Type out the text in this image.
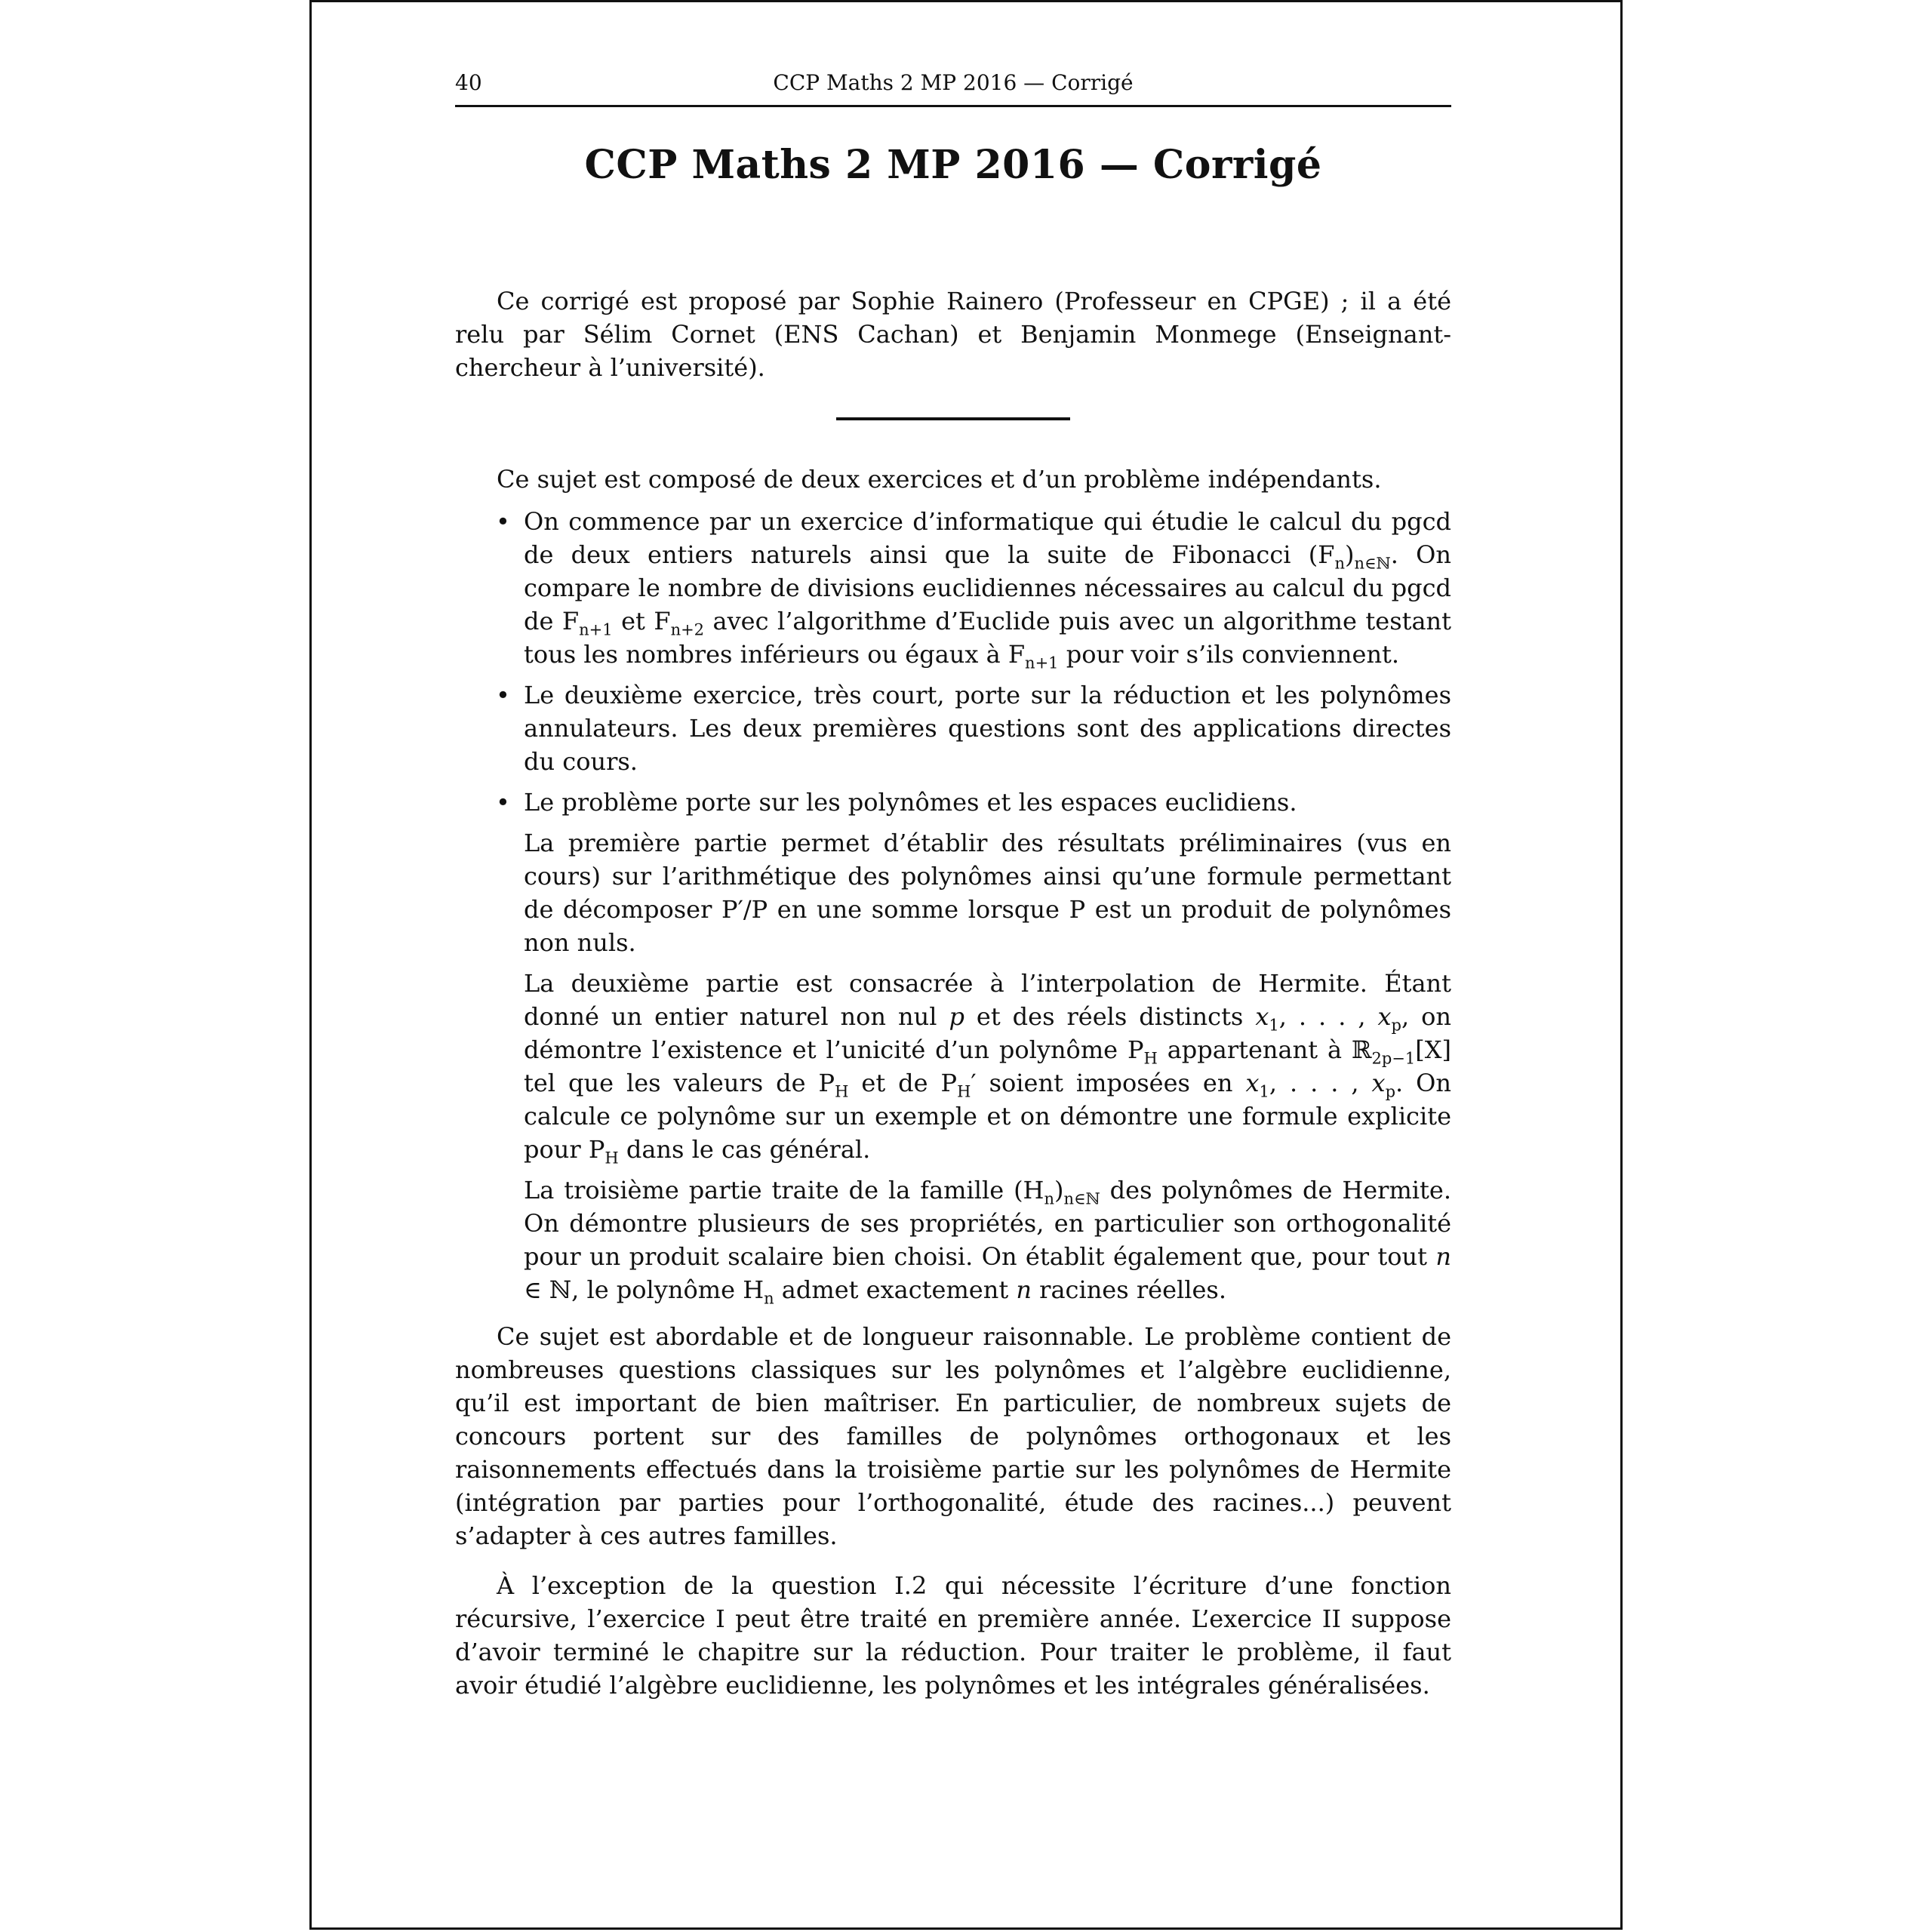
40	CCP Maths 2 MP 2016 — Corrigé
CCP Maths 2 MP 2016 — Corrigé

Ce corrigé est proposé par Sophie Rainero (Professeur en CPGE) ; il a été relu par Sélim Cornet (ENS Cachan) et Benjamin Monmege (Enseignant-chercheur à l’université).

Ce sujet est composé de deux exercices et d’un problème indépendants.

• On commence par un exercice d’informatique qui étudie le calcul du pgcd de deux entiers naturels ainsi que la suite de Fibonacci $(F_n)_{n\in ℕ}$. On compare le nombre de divisions euclidiennes nécessaires au calcul du pgcd de $F_{n+1}$ et $F_{n+2}$ avec l’algorithme d’Euclide puis avec un algorithme testant tous les nombres inférieurs ou égaux à $F_{n+1}$ pour voir s’ils conviennent.

• Le deuxième exercice, très court, porte sur la réduction et les polynômes annulateurs. Les deux premières questions sont des applications directes du cours.

• Le problème porte sur les polynômes et les espaces euclidiens.

La première partie permet d’établir des résultats préliminaires (vus en cours) sur l’arithmétique des polynômes ainsi qu’une formule permettant de décomposer P′/P en une somme lorsque P est un produit de polynômes non nuls.

La deuxième partie est consacrée à l’interpolation de Hermite. Étant donné un entier naturel non nul p et des réels distincts $x_1$, . . . , $x_p$, on démontre l’existence et l’unicité d’un polynôme $P_H$ appartenant à ℝ$_{2p-1}$[X] tel que les valeurs de $P_H$ et de $P_H'$ soient imposées en $x_1$, . . . , $x_p$. On calcule ce polynôme sur un exemple et on démontre une formule explicite pour $P_H$ dans le cas général.

La troisième partie traite de la famille $(H_n)_{n\in ℕ}$ des polynômes de Hermite. On démontre plusieurs de ses propriétés, en particulier son orthogonalité pour un produit scalaire bien choisi. On établit également que, pour tout n ∈ ℕ, le polynôme $H_n$ admet exactement n racines réelles.

Ce sujet est abordable et de longueur raisonnable. Le problème contient de nombreuses questions classiques sur les polynômes et l’algèbre euclidienne, qu’il est important de bien maîtriser. En particulier, de nombreux sujets de concours portent sur des familles de polynômes orthogonaux et les raisonnements effectués dans la troisième partie sur les polynômes de Hermite (intégration par parties pour l’orthogonalité, étude des racines...) peuvent s’adapter à ces autres familles.

À l’exception de la question I.2 qui nécessite l’écriture d’une fonction récursive, l’exercice I peut être traité en première année. L’exercice II suppose d’avoir terminé le chapitre sur la réduction. Pour traiter le problème, il faut avoir étudié l’algèbre euclidienne, les polynômes et les intégrales généralisées.
